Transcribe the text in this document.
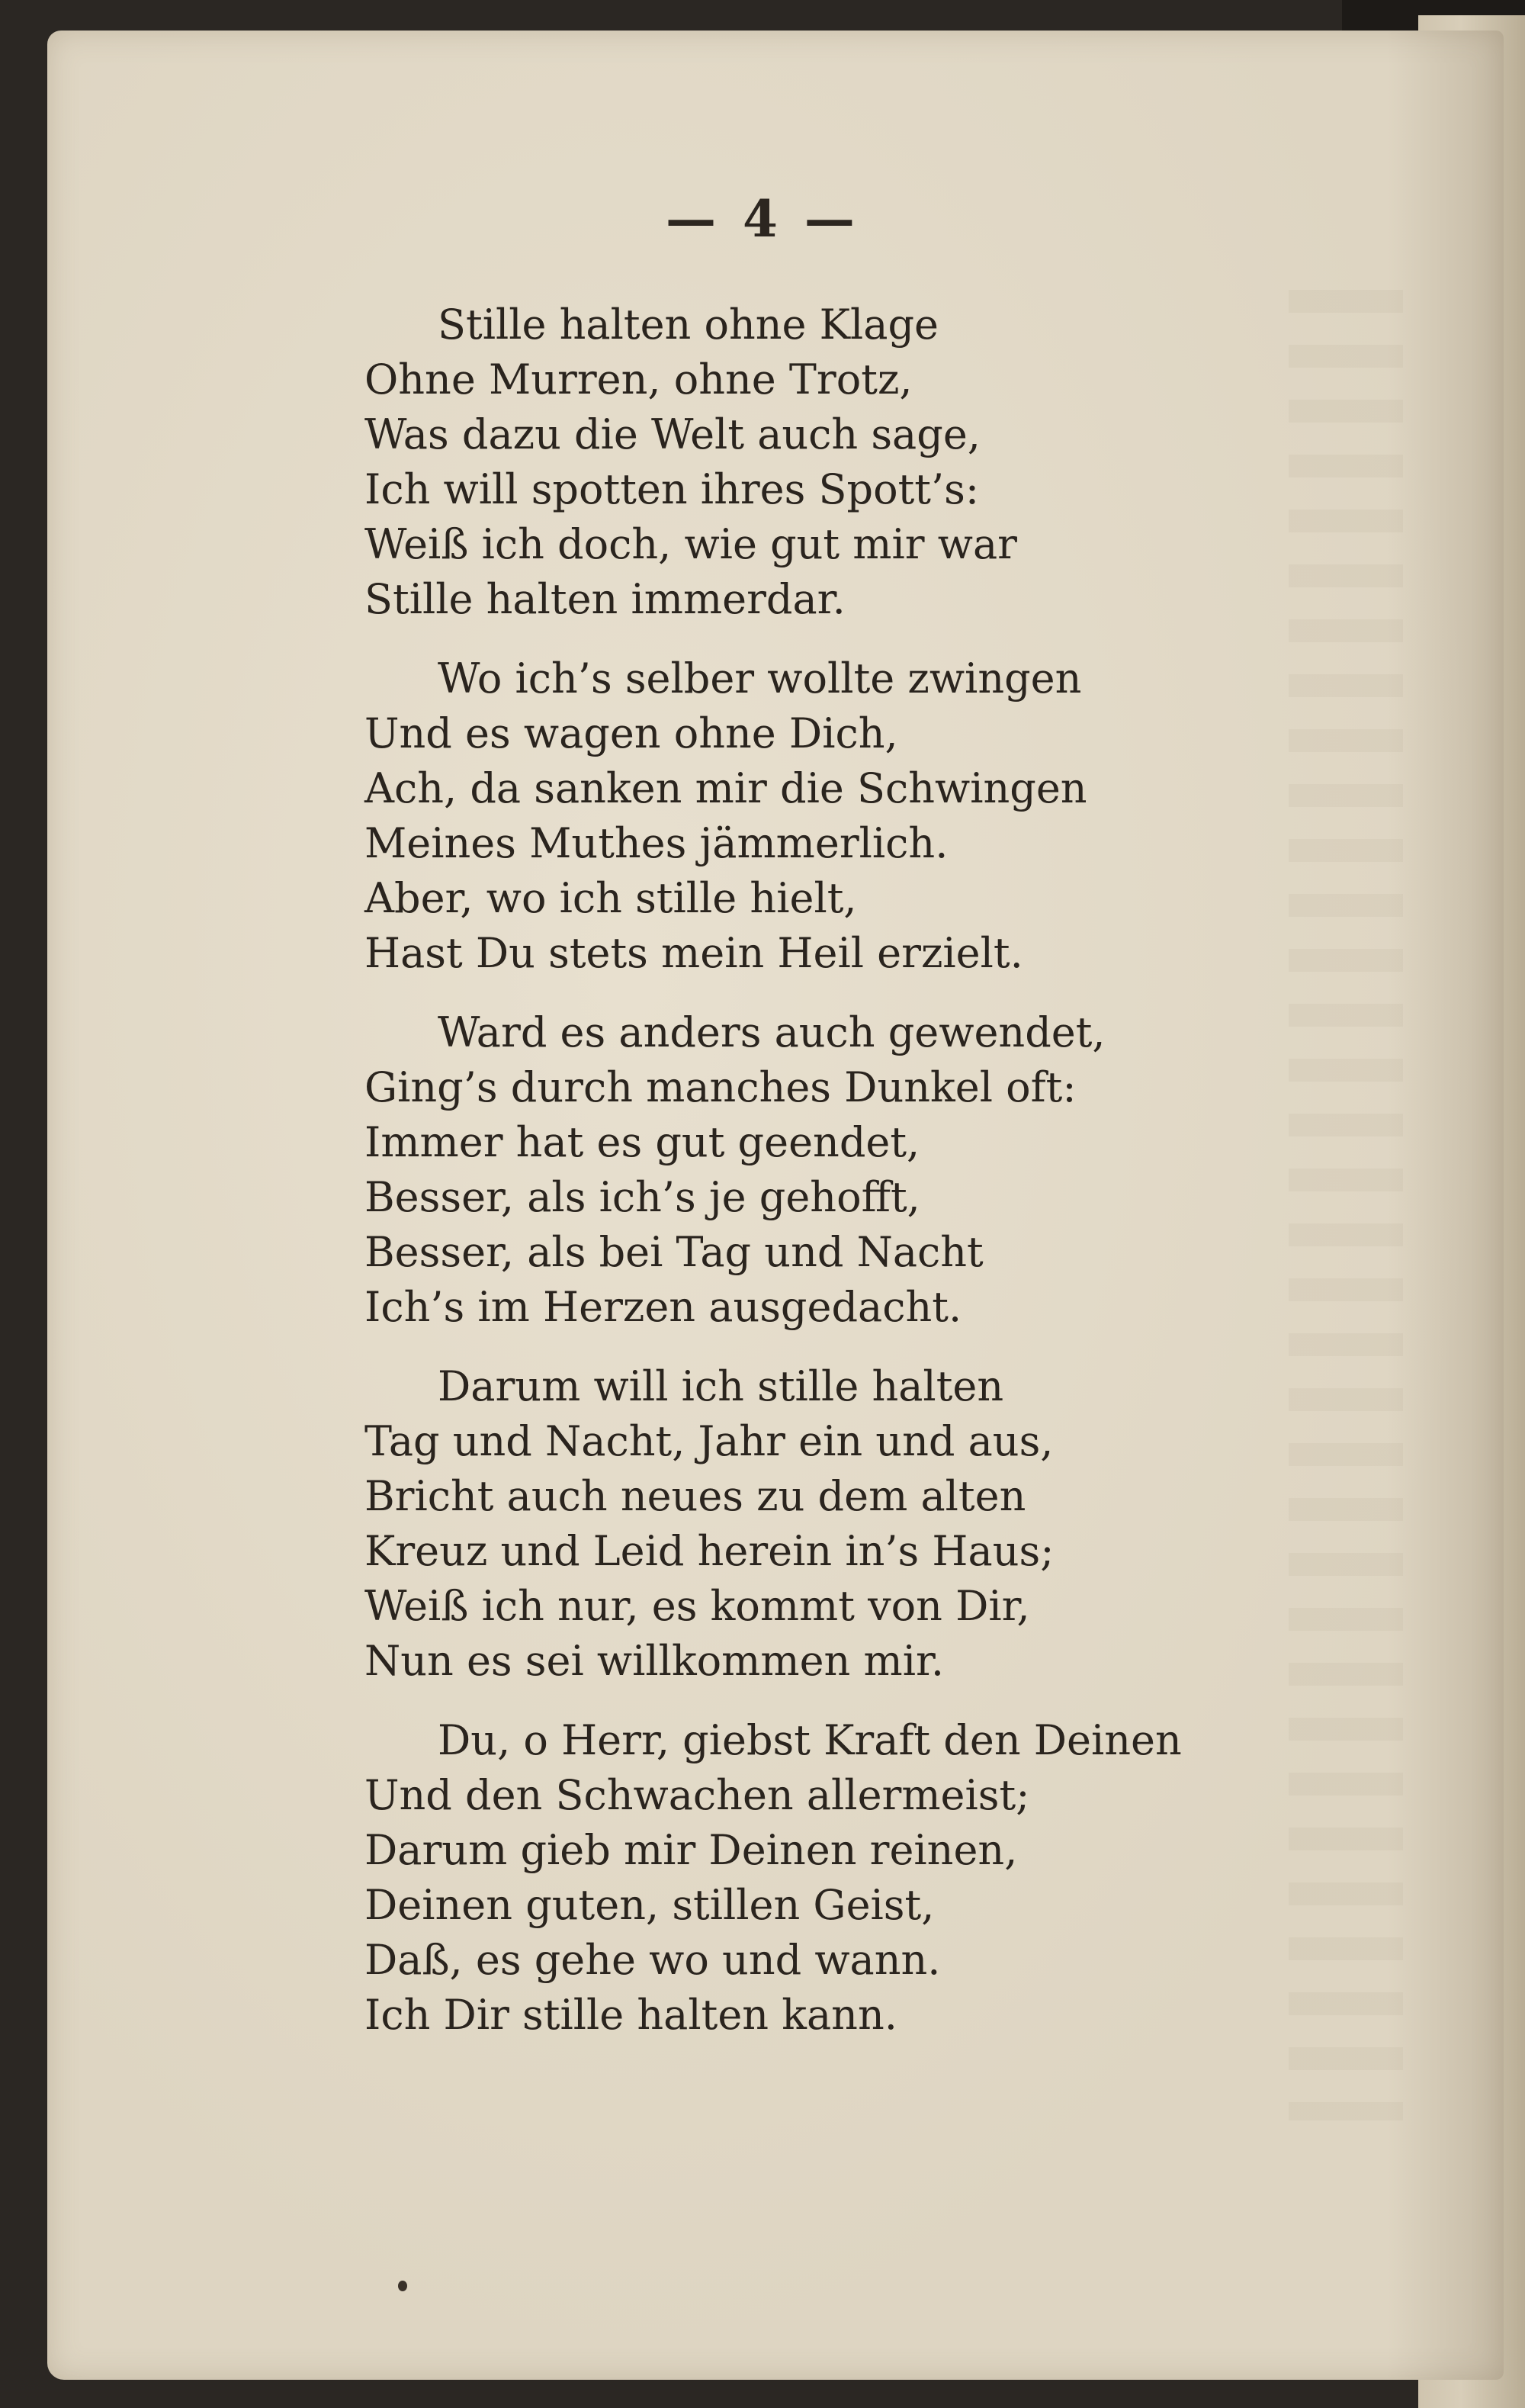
— 4 —

Stille halten ohne Klage
Ohne Murren, ohne Trotz,
Was dazu die Welt auch sage,
Ich will spotten ihres Spott’s:
Weiß ich doch, wie gut mir war
Stille halten immerdar.

Wo ich’s selber wollte zwingen
Und es wagen ohne Dich,
Ach, da sanken mir die Schwingen
Meines Muthes jämmerlich.
Aber, wo ich stille hielt,
Hast Du stets mein Heil erzielt.

Ward es anders auch gewendet,
Ging’s durch manches Dunkel oft:
Immer hat es gut geendet,
Besser, als ich’s je gehofft,
Besser, als bei Tag und Nacht
Ich’s im Herzen ausgedacht.

Darum will ich stille halten
Tag und Nacht, Jahr ein und aus,
Bricht auch neues zu dem alten
Kreuz und Leid herein in’s Haus;
Weiß ich nur, es kommt von Dir,
Nun es sei willkommen mir.

Du, o Herr, giebst Kraft den Deinen
Und den Schwachen allermeist;
Darum gieb mir Deinen reinen,
Deinen guten, stillen Geist,
Daß, es gehe wo und wann.
Ich Dir stille halten kann.
